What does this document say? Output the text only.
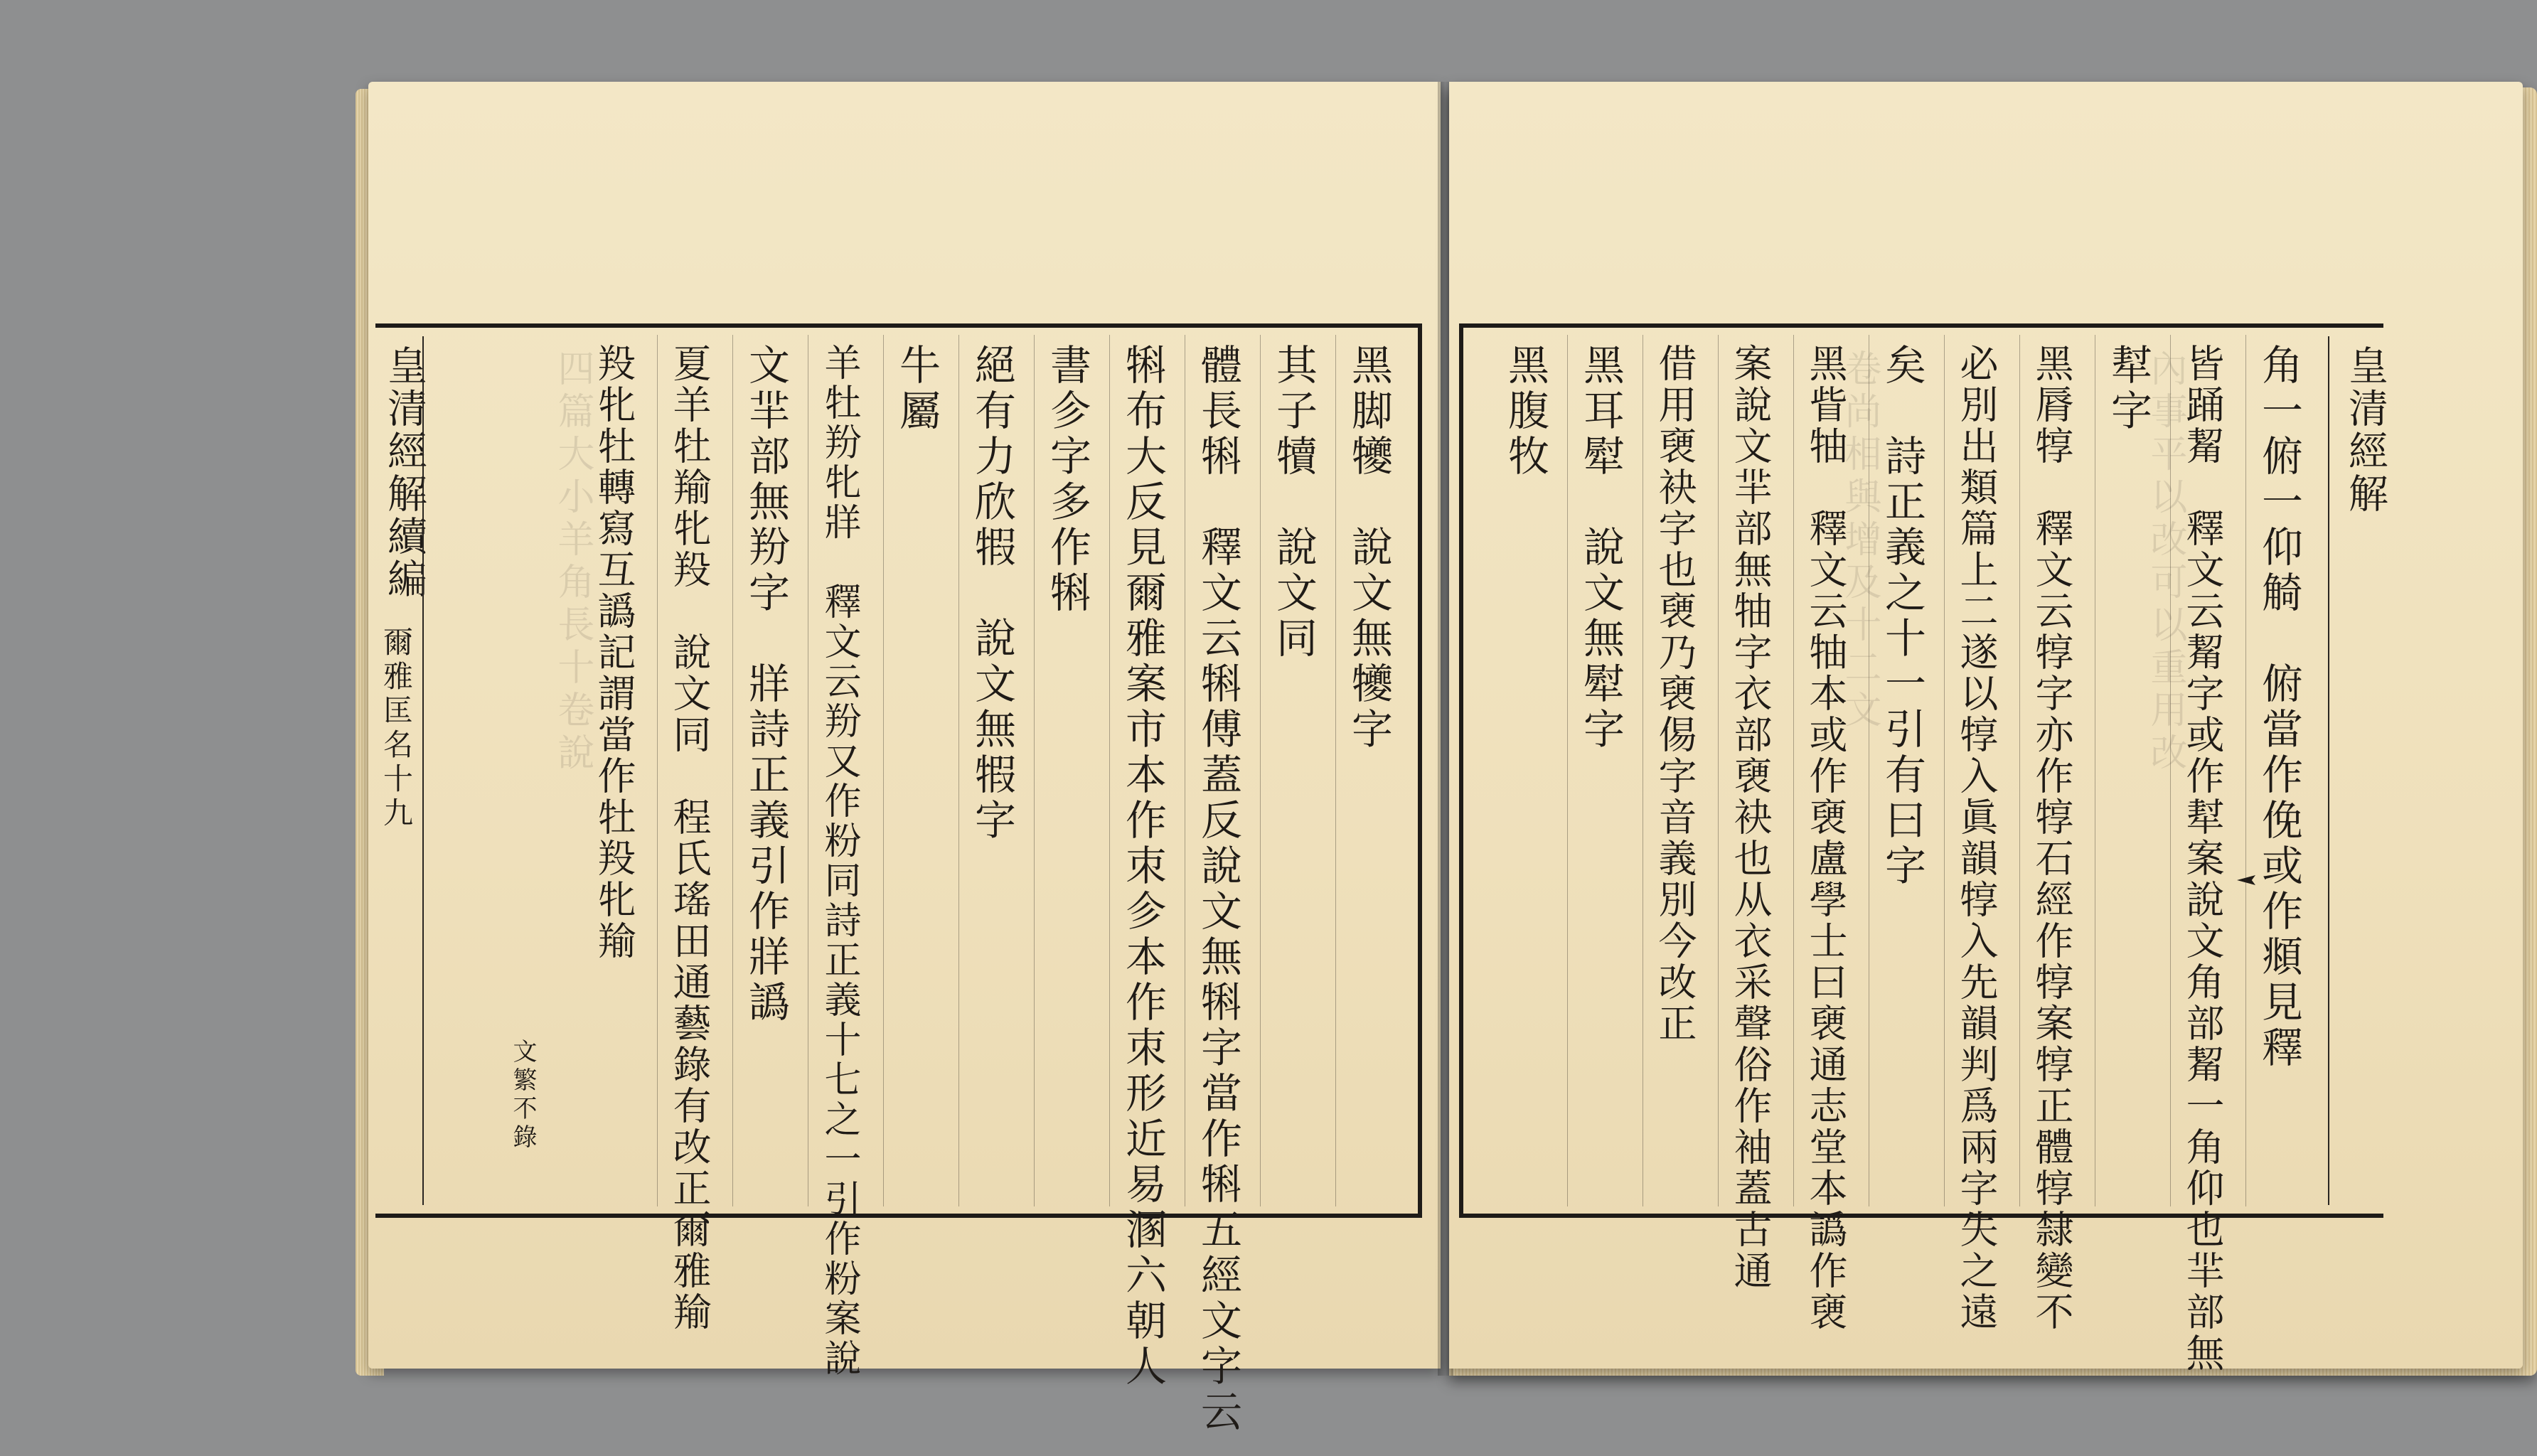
皇清經解續編
爾雅匡名十九	黑脚犪　說文無犪字
其子犢　說文同
體長犐　釋文云犐傅蓋反說文無犐字當作犐五經文字云
犐布大反見爾雅案市本作朿㐱本作朿形近易溷六朝人
書㐱字多作犐
絕有力欣犌　說文無犌字
牛屬
羊牡羒牝牂　釋文云羒又作粉同詩正義十七之一引作粉案說
文羋部無羒字　牂詩正義引作牂譌
夏羊牡羭牝羖　說文同　程氏瑤田通藝錄有改正爾雅羭
羖牝牡轉寫互譌記謂當作牡羖牝羭
文繁不錄
四篇大小羊角長十卷說	皇清經解
角一俯一仰觭　俯當作俛或作頫見釋
皆踊觢　釋文云觢字或作犎案說文角部觢一角仰也羋部無
犎字
黑脣犉　釋文云犉字亦作犉石經作犉案犉正體犉隸變不
必別出類篇上二遂以犉入眞韻犉入先韻判爲兩字失之遠
矣　詩正義之十一引有曰字
黑眥牰　釋文云牰本或作褏盧學士曰褏通志堂本譌作褏
案說文羋部無牰字衣部褏袂也从衣采聲俗作袖蓋古通
借用褏袂字也褏乃褏㑥字音義別今改正
黑耳犚　說文無犚字
黑腹牧	內事平以改可以重用改
卷尚相與增及十二文
